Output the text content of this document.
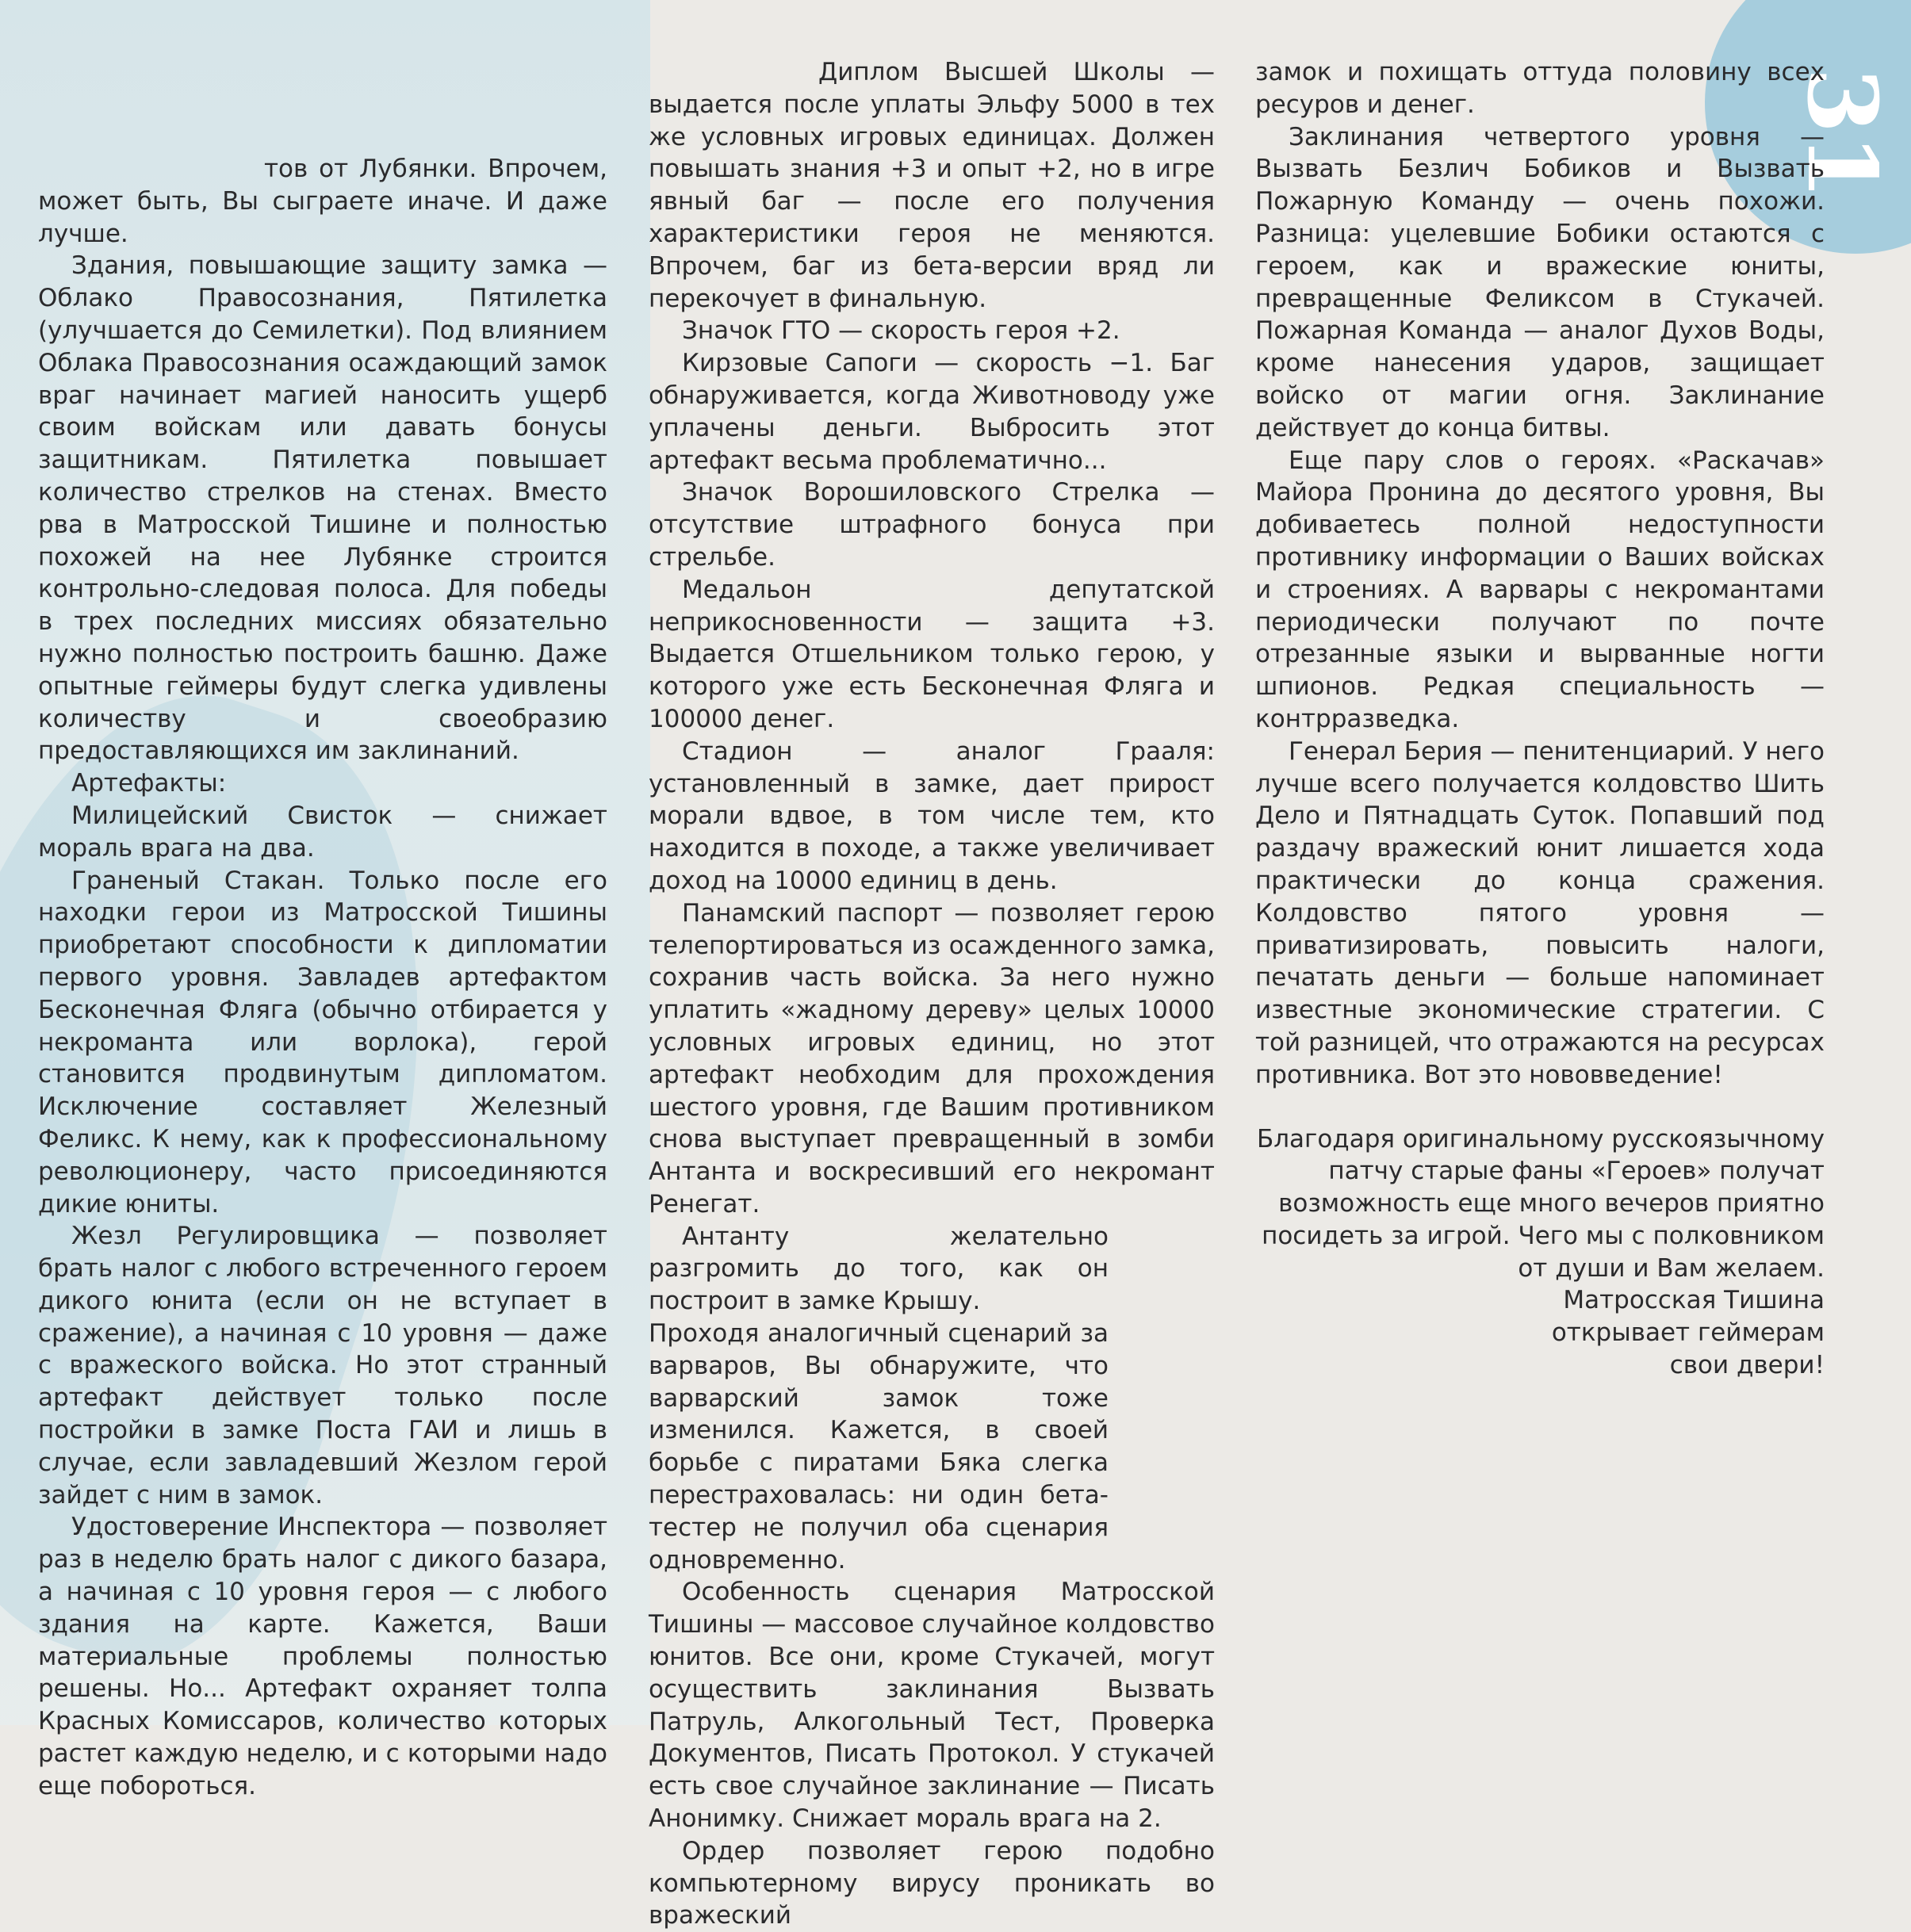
31

тов от Лубянки. Впрочем, может быть, Вы сыграете иначе. И даже лучше.

Здания, повышающие защиту замка — Облако Правосознания, Пятилетка (улучшается до Семилетки). Под влиянием Облака Правосознания осаждающий замок враг начинает магией наносить ущерб своим войскам или давать бонусы защитникам. Пятилетка повышает количество стрелков на стенах. Вместо рва в Матросской Тишине и полностью похожей на нее Лубянке строится контрольно-следовая полоса. Для победы в трех последних миссиях обязательно нужно полностью построить башню. Даже опытные геймеры будут слегка удивлены количеству и своеобразию предоставляющихся им заклинаний.

Артефакты:

Милицейский Свисток — снижает мораль врага на два.

Граненый Стакан. Только после его находки герои из Матросской Тишины приобретают способности к дипломатии первого уровня. Завладев артефактом Бесконечная Фляга (обычно отбирается у некроманта или ворлока), герой становится продвинутым дипломатом. Исключение составляет Железный Феликс. К нему, как к профессиональному революционеру, часто присоединяются дикие юниты.

Жезл Регулировщика — позволяет брать налог с любого встреченного героем дикого юнита (если он не вступает в сражение), а начиная с 10 уровня — даже с вражеского войска. Но этот странный артефакт действует только после постройки в замке Поста ГАИ и лишь в случае, если завладевший Жезлом герой зайдет с ним в замок.

Удостоверение Инспектора — позволяет раз в неделю брать налог с дикого базара, а начиная с 10 уровня героя — с любого здания на карте. Кажется, Ваши материальные проблемы полностью решены. Но... Артефакт охраняет толпа Красных Комиссаров, количество которых растет каждую неделю, и с которыми надо еще побороться.

Диплом Высшей Школы — выдается после уплаты Эльфу 5000 в тех же условных игровых единицах. Должен повышать знания +3 и опыт +2, но в игре явный баг — после его получения характеристики героя не меняются. Впрочем, баг из бета-версии вряд ли перекочует в финальную.

Значок ГТО — скорость героя +2.

Кирзовые Сапоги — скорость −1. Баг обнаруживается, когда Животноводу уже уплачены деньги. Выбросить этот артефакт весьма проблематично...

Значок Ворошиловского Стрелка — отсутствие штрафного бонуса при стрельбе.

Медальон депутатской неприкосновенности — защита +3. Выдается Отшельником только герою, у которого уже есть Бесконечная Фляга и 100000 денег.

Стадион — аналог Грааля: установленный в замке, дает прирост морали вдвое, в том числе тем, кто находится в походе, а также увеличивает доход на 10000 единиц в день.

Панамский паспорт — позволяет герою телепортироваться из осажденного замка, сохранив часть войска. За него нужно уплатить «жадному дереву» целых 10000 условных игровых единиц, но этот артефакт необходим для прохождения шестого уровня, где Вашим противником снова выступает превращенный в зомби Антанта и воскресивший его некромант Ренегат.

Антанту желательно разгромить до того, как он построит в замке Крышу.

Проходя аналогичный сценарий за варваров, Вы обнаружите, что варварский замок тоже изменился. Кажется, в своей борьбе с пиратами Бяка слегка перестраховалась: ни один бета-тестер не получил оба сценария одновременно.

Особенность сценария Матросской Тишины — массовое случайное колдовство юнитов. Все они, кроме Стукачей, могут осуществить заклинания Вызвать Патруль, Алкогольный Тест, Проверка Документов, Писать Протокол. У стукачей есть свое случайное заклинание — Писать Анонимку. Снижает мораль врага на 2.

Ордер позволяет герою подобно компьютерному вирусу проникать во вражеский

замок и похищать оттуда половину всех ресуров и денег.

Заклинания четвертого уровня — Вызвать Безлич Бобиков и Вызвать Пожарную Команду — очень похожи. Разница: уцелевшие Бобики остаются с героем, как и вражеские юниты, превращенные Феликсом в Стукачей. Пожарная Команда — аналог Духов Воды, кроме нанесения ударов, защищает войско от магии огня. Заклинание действует до конца битвы.

Еще пару слов о героях. «Раскачав» Майора Пронина до десятого уровня, Вы добиваетесь полной недоступности противнику информации о Ваших войсках и строениях. А варвары с некромантами периодически получают по почте отрезанные языки и вырванные ногти шпионов. Редкая специальность — контрразведка.

Генерал Берия — пенитенциарий. У него лучше всего получается колдовство Шить Дело и Пятнадцать Суток. Попавший под раздачу вражеский юнит лишается хода практически до конца сражения. Колдовство пятого уровня — приватизировать, повысить налоги, печатать деньги — больше напоминает известные экономические стратегии. С той разницей, что отражаются на ресурсах противника. Вот это нововведение!

Благодаря оригинальному русскоязычному патчу старые фаны «Героев» получат возможность еще много вечеров приятно посидеть за игрой. Чего мы с полковником от души и Вам желаем.

Матросская Тишина открывает геймерам свои двери!
